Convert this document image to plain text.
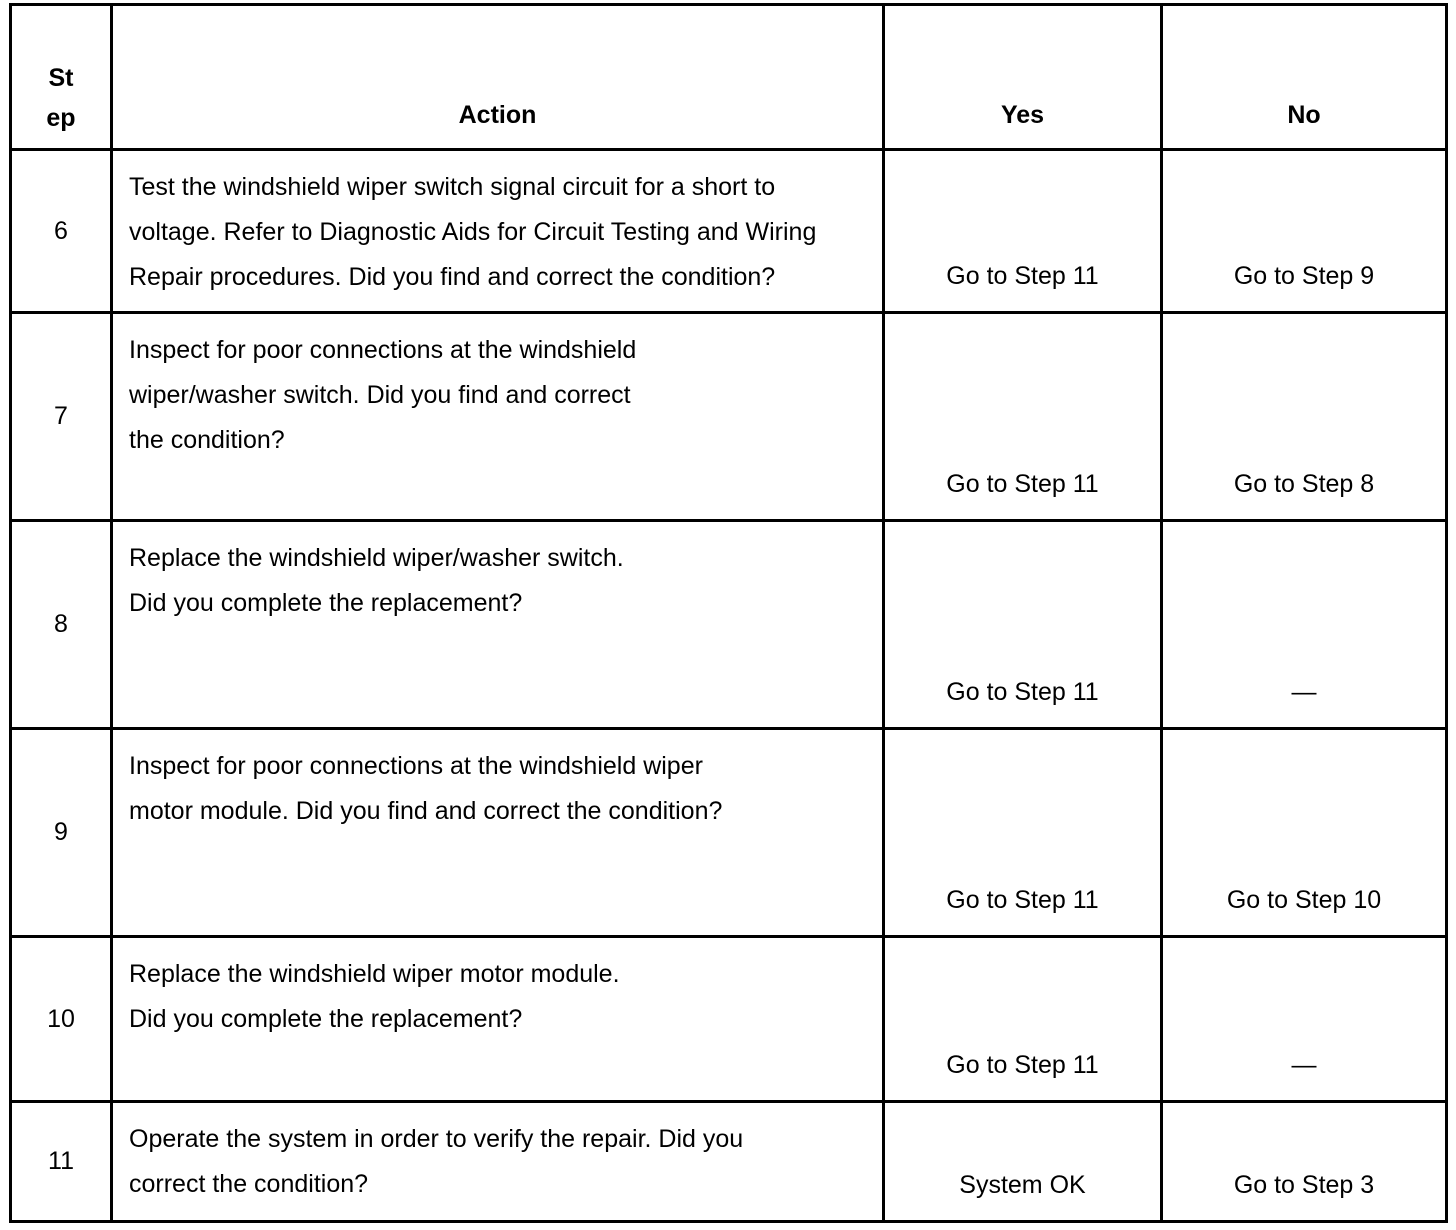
St
ep	Action	Yes	No
6	Test the windshield wiper switch signal circuit for a short to
voltage. Refer to Diagnostic Aids for Circuit Testing and Wiring
Repair procedures. Did you find and correct the condition?	Go to Step 11	Go to Step 9
7	Inspect for poor connections at the windshield
wiper/washer switch. Did you find and correct
the condition?	Go to Step 11	Go to Step 8
8	Replace the windshield wiper/washer switch.
Did you complete the replacement?	Go to Step 11	—
9	Inspect for poor connections at the windshield wiper
motor module. Did you find and correct the condition?	Go to Step 11	Go to Step 10
10	Replace the windshield wiper motor module.
Did you complete the replacement?	Go to Step 11	—
11	Operate the system in order to verify the repair. Did you
correct the condition?	System OK	Go to Step 3
